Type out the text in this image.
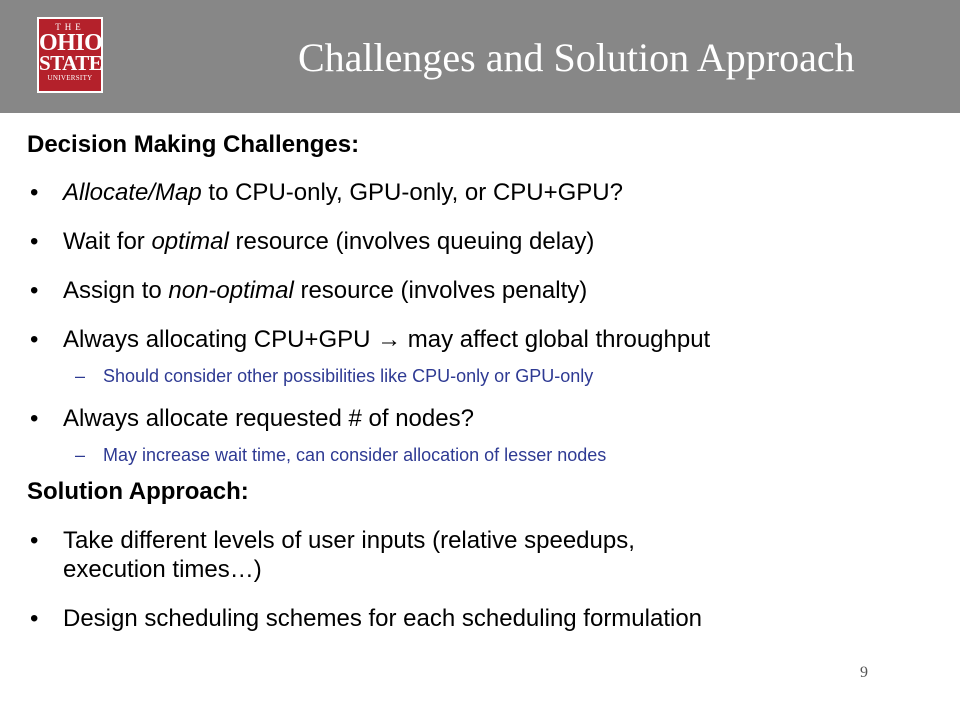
THE
OHIO
STATE
UNIVERSITY	Challenges and Solution Approach
Decision Making Challenges:
• Allocate/Map to CPU-only, GPU-only, or CPU+GPU?
• Wait for optimal resource (involves queuing delay)
• Assign to non-optimal resource (involves penalty)
• Always allocating CPU+GPU → may affect global throughput
– Should consider other possibilities like CPU-only or GPU-only
• Always allocate requested # of nodes?
– May increase wait time, can consider allocation of lesser nodes
Solution Approach:
• Take different levels of user inputs (relative speedups,
execution times…)
• Design scheduling schemes for each scheduling formulation
9
